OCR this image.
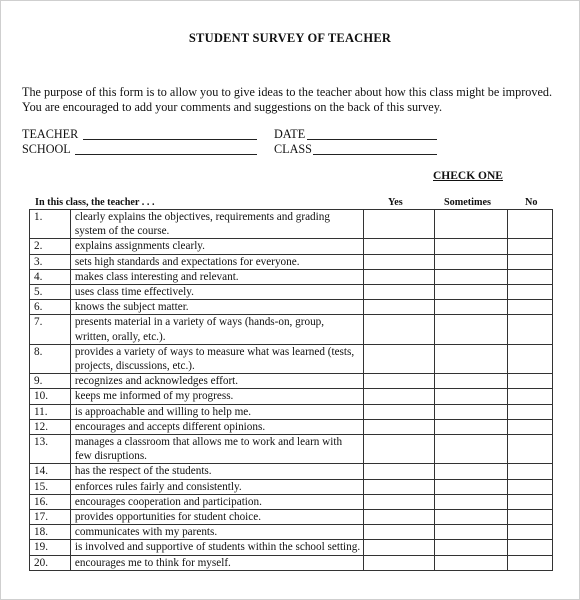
STUDENT SURVEY OF TEACHER
The purpose of this form is to allow you to give ideas to the teacher about how this class might be improved.
You are encouraged to add your comments and suggestions on the back of this survey.
TEACHER
SCHOOL
DATE
CLASS
CHECK ONE
In this class, the teacher . . .	Yes	Sometimes	No
1.	clearly explains the objectives, requirements and grading system of the course.			
2.	explains assignments clearly.			
3.	sets high standards and expectations for everyone.			
4.	makes class interesting and relevant.			
5.	uses class time effectively.			
6.	knows the subject matter.			
7.	presents material in a variety of ways (hands-on, group, written, orally, etc.).			
8.	provides a variety of ways to measure what was learned (tests, projects, discussions, etc.).			
9.	recognizes and acknowledges effort.			
10.	keeps me informed of my progress.			
11.	is approachable and willing to help me.			
12.	encourages and accepts different opinions.			
13.	manages a classroom that allows me to work and learn with few disruptions.			
14.	has the respect of the students.			
15.	enforces rules fairly and consistently.			
16.	encourages cooperation and participation.			
17.	provides opportunities for student choice.			
18.	communicates with my parents.			
19.	is involved and supportive of students within the school setting.			
20.	encourages me to think for myself.			
